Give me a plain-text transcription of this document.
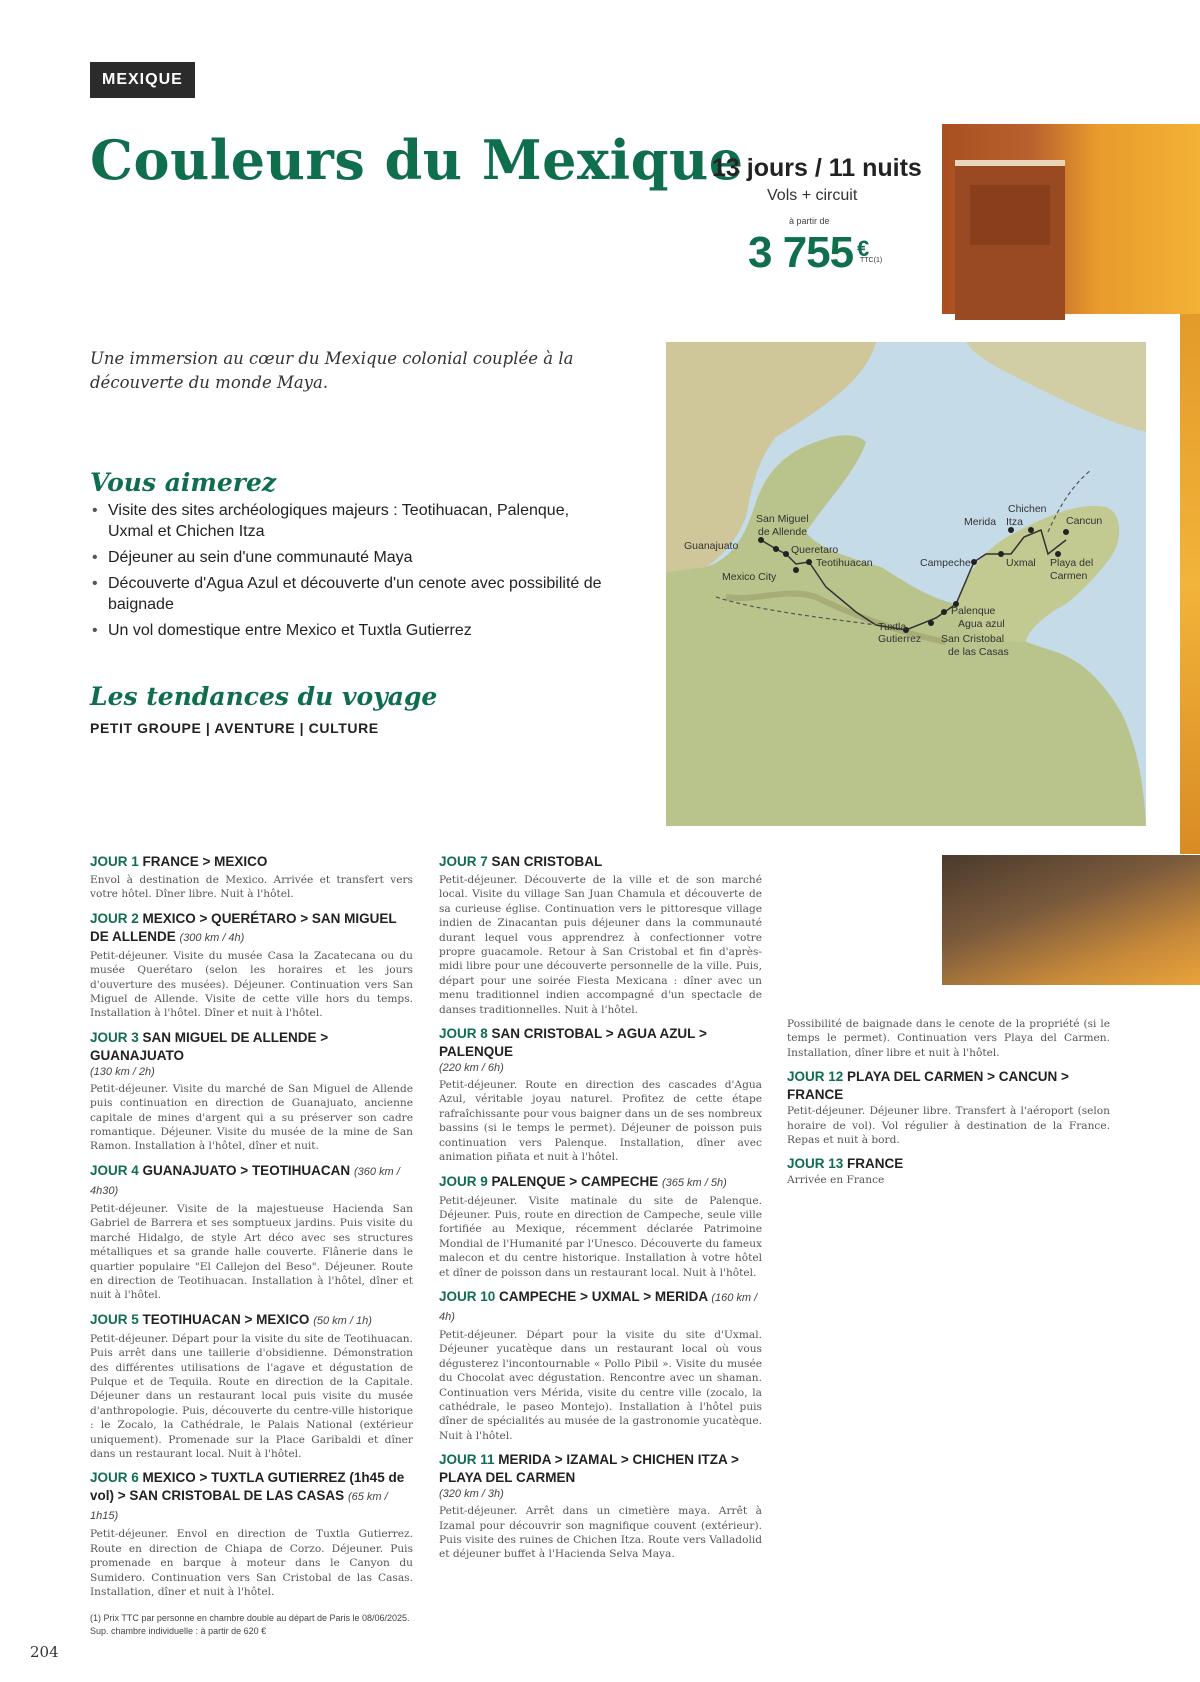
MEXIQUE
Couleurs du Mexique
13 jours / 11 nuits
Vols + circuit
à partir de
3 755 €
TTC(1)
Guanajuato
San Miguel
de Allende
Queretaro
Teotihuacan
Mexico City
Chichen
Merida Itza	Cancun
Campeche	Uxmal Playa del
Carmen
Palenque
Agua azul
Tuxtla
Gutierrez San Cristobal
de las Casas

Une immersion au cœur du Mexique colonial couplée à la découverte du monde Maya.

Vous aimerez
• Visite des sites archéologiques majeurs : Teotihuacan, Palenque, Uxmal et Chichen Itza
• Déjeuner au sein d'une communauté Maya
• Découverte d'Agua Azul et découverte d'un cenote avec possibilité de baignade
• Un vol domestique entre Mexico et Tuxtla Gutierrez
Les tendances du voyage
PETIT GROUPE | AVENTURE | CULTURE
JOUR 1 FRANCE > MEXICO

Envol à destination de Mexico. Arrivée et transfert vers votre hôtel. Dîner libre. Nuit à l'hôtel.

JOUR 2 MEXICO > QUERÉTARO > SAN MIGUEL DE ALLENDE (300 km / 4h)

Petit-déjeuner. Visite du musée Casa la Zacatecana ou du musée Querétaro (selon les horaires et les jours d'ouverture des musées). Déjeuner. Continuation vers San Miguel de Allende. Visite de cette ville hors du temps. Installation à l'hôtel. Dîner et nuit à l'hôtel.

JOUR 3 SAN MIGUEL DE ALLENDE > GUANAJUATO
(130 km / 2h)

Petit-déjeuner. Visite du marché de San Miguel de Allende puis continuation en direction de Guanajuato, ancienne capitale de mines d'argent qui a su préserver son cadre romantique. Déjeuner. Visite du musée de la mine de San Ramon. Installation à l'hôtel, dîner et nuit.

JOUR 4 GUANAJUATO > TEOTIHUACAN (360 km / 4h30)

Petit-déjeuner. Visite de la majestueuse Hacienda San Gabriel de Barrera et ses somptueux jardins. Puis visite du marché Hidalgo, de style Art déco avec ses structures métalliques et sa grande halle couverte. Flânerie dans le quartier populaire "El Callejon del Beso". Déjeuner. Route en direction de Teotihuacan. Installation à l'hôtel, dîner et nuit à l'hôtel.

JOUR 5 TEOTIHUACAN > MEXICO (50 km / 1h)

Petit-déjeuner. Départ pour la visite du site de Teotihuacan. Puis arrêt dans une taillerie d'obsidienne. Démonstration des différentes utilisations de l'agave et dégustation de Pulque et de Tequila. Route en direction de la Capitale. Déjeuner dans un restaurant local puis visite du musée d'anthropologie. Puis, découverte du centre-ville historique : le Zocalo, la Cathédrale, le Palais National (extérieur uniquement). Promenade sur la Place Garibaldi et dîner dans un restaurant local. Nuit à l'hôtel.

JOUR 6 MEXICO > TUXTLA GUTIERREZ (1h45 de vol) > SAN CRISTOBAL DE LAS CASAS (65 km / 1h15)

Petit-déjeuner. Envol en direction de Tuxtla Gutierrez. Route en direction de Chiapa de Corzo. Déjeuner. Puis promenade en barque à moteur dans le Canyon du Sumidero. Continuation vers San Cristobal de las Casas. Installation, dîner et nuit à l'hôtel.

JOUR 7 SAN CRISTOBAL

Petit-déjeuner. Découverte de la ville et de son marché local. Visite du village San Juan Chamula et découverte de sa curieuse église. Continuation vers le pittoresque village indien de Zinacantan puis déjeuner dans la communauté durant lequel vous apprendrez à confectionner votre propre guacamole. Retour à San Cristobal et fin d'après-midi libre pour une découverte personnelle de la ville. Puis, départ pour une soirée Fiesta Mexicana : dîner avec un menu traditionnel indien accompagné d'un spectacle de danses traditionnelles. Nuit à l'hôtel.

JOUR 8 SAN CRISTOBAL > AGUA AZUL > PALENQUE
(220 km / 6h)

Petit-déjeuner. Route en direction des cascades d'Agua Azul, véritable joyau naturel. Profitez de cette étape rafraîchissante pour vous baigner dans un de ses nombreux bassins (si le temps le permet). Déjeuner de poisson puis continuation vers Palenque. Installation, dîner avec animation piñata et nuit à l'hôtel.

JOUR 9 PALENQUE > CAMPECHE (365 km / 5h)

Petit-déjeuner. Visite matinale du site de Palenque. Déjeuner. Puis, route en direction de Campeche, seule ville fortifiée au Mexique, récemment déclarée Patrimoine Mondial de l'Humanité par l'Unesco. Découverte du fameux malecon et du centre historique. Installation à votre hôtel et dîner de poisson dans un restaurant local. Nuit à l'hôtel.

JOUR 10 CAMPECHE > UXMAL > MERIDA (160 km / 4h)

Petit-déjeuner. Départ pour la visite du site d'Uxmal. Déjeuner yucatèque dans un restaurant local où vous dégusterez l'incontournable « Pollo Pibil ». Visite du musée du Chocolat avec dégustation. Rencontre avec un shaman. Continuation vers Mérida, visite du centre ville (zocalo, la cathédrale, le paseo Montejo). Installation à l'hôtel puis dîner de spécialités au musée de la gastronomie yucatèque. Nuit à l'hôtel.

JOUR 11 MERIDA > IZAMAL > CHICHEN ITZA > PLAYA DEL CARMEN
(320 km / 3h)

Petit-déjeuner. Arrêt dans un cimetière maya. Arrêt à Izamal pour découvrir son magnifique couvent (extérieur). Puis visite des ruines de Chichen Itza. Route vers Valladolid et déjeuner buffet à l'Hacienda Selva Maya.

Possibilité de baignade dans le cenote de la propriété (si le temps le permet). Continuation vers Playa del Carmen. Installation, dîner libre et nuit à l'hôtel.

JOUR 12 PLAYA DEL CARMEN > CANCUN > FRANCE

Petit-déjeuner. Déjeuner libre. Transfert à l'aéroport (selon horaire de vol). Vol régulier à destination de la France. Repas et nuit à bord.

JOUR 13 FRANCE

Arrivée en France

(1) Prix TTC par personne en chambre double au départ de Paris le 08/06/2025.
Sup. chambre individuelle : à partir de 620 €
204
